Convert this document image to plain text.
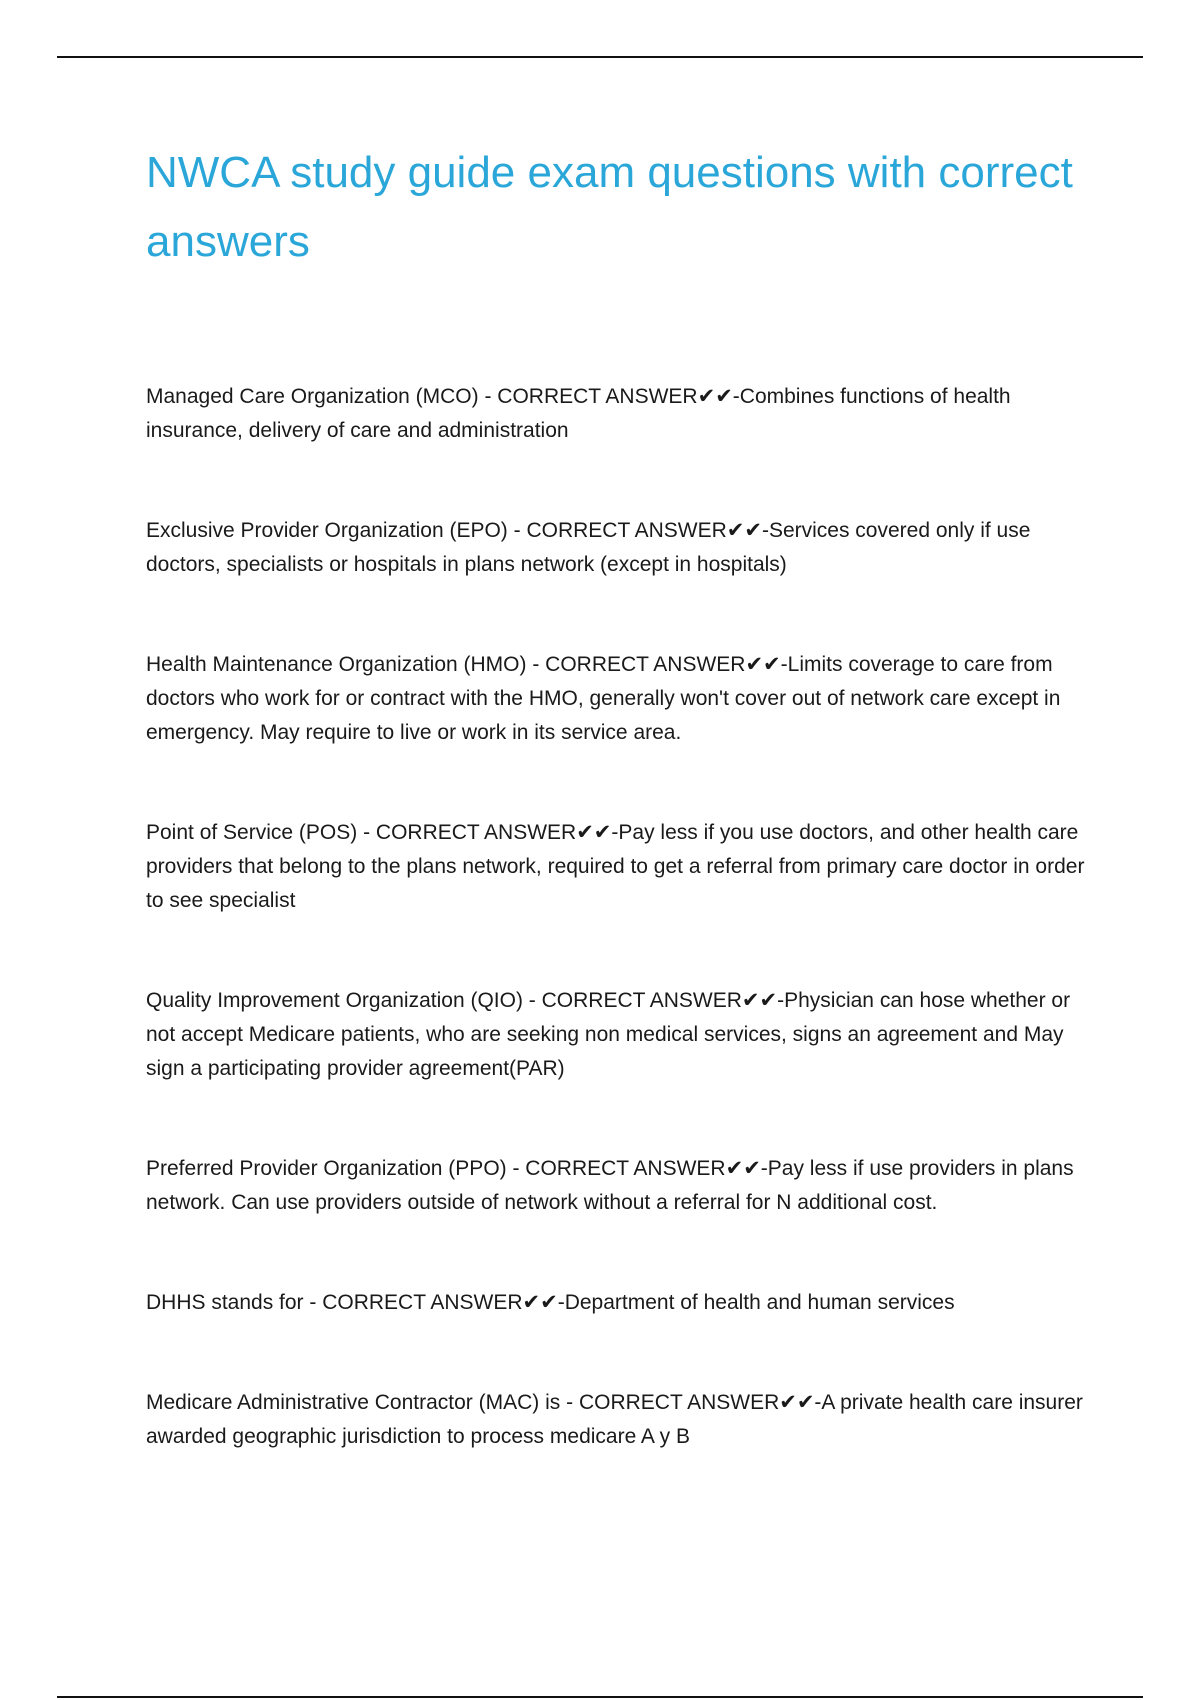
NWCA study guide exam questions with correct answers

Managed Care Organization (MCO) - CORRECT ANSWER✔✔-Combines functions of health insurance, delivery of care and administration

Exclusive Provider Organization (EPO) - CORRECT ANSWER✔✔-Services covered only if use doctors, specialists or hospitals in plans network (except in hospitals)

Health Maintenance Organization (HMO) - CORRECT ANSWER✔✔-Limits coverage to care from doctors who work for or contract with the HMO, generally won't cover out of network care except in emergency. May require to live or work in its service area.

Point of Service (POS) - CORRECT ANSWER✔✔-Pay less if you use doctors, and other health care providers that belong to the plans network, required to get a referral from primary care doctor in order to see specialist

Quality Improvement Organization (QIO) - CORRECT ANSWER✔✔-Physician can hose whether or not accept Medicare patients, who are seeking non medical services, signs an agreement and May sign a participating provider agreement(PAR)

Preferred Provider Organization (PPO) - CORRECT ANSWER✔✔-Pay less if use providers in plans network. Can use providers outside of network without a referral for N additional cost.

DHHS stands for - CORRECT ANSWER✔✔-Department of health and human services

Medicare Administrative Contractor (MAC) is - CORRECT ANSWER✔✔-A private health care insurer awarded geographic jurisdiction to process medicare A y B
